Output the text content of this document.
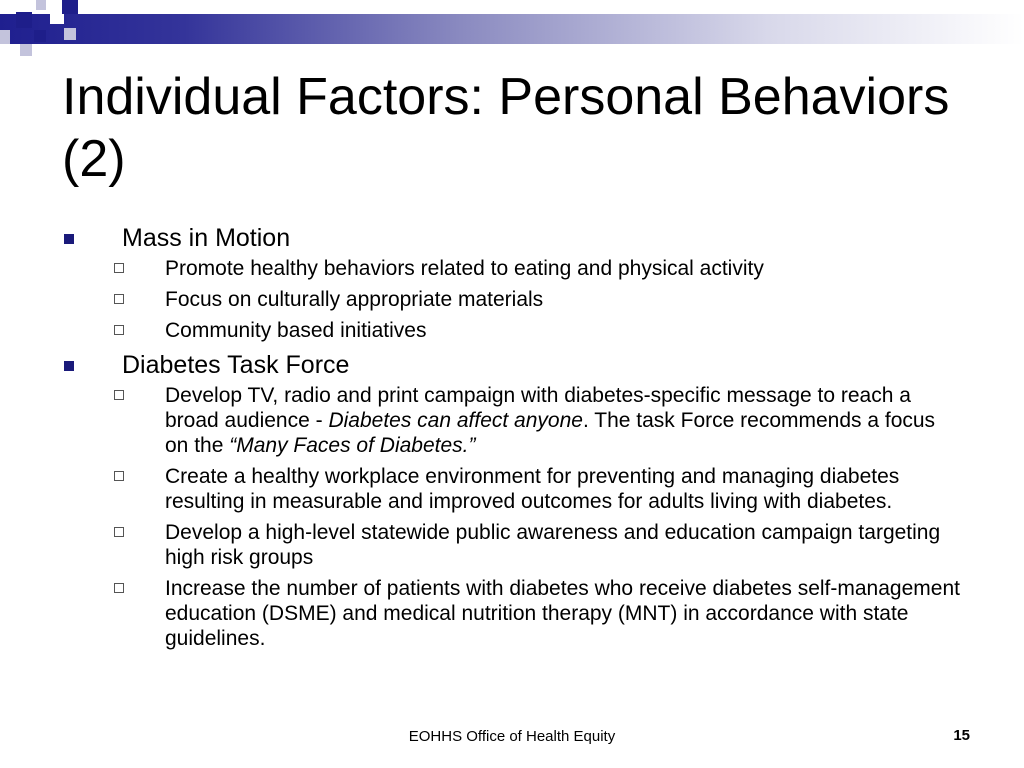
Individual Factors: Personal Behaviors (2)
Mass in Motion
Promote healthy behaviors related to eating and physical activity
Focus on culturally appropriate materials
Community based initiatives
Diabetes Task Force
Develop TV, radio and print campaign with diabetes-specific message to reach a broad audience - Diabetes can affect anyone. The task Force recommends a focus on the “Many Faces of Diabetes.”
Create a healthy workplace environment for preventing and managing diabetes resulting in measurable and improved outcomes for adults living with diabetes.
Develop a high-level statewide public awareness and education campaign targeting high risk groups
Increase the number of patients with diabetes who receive diabetes self-management education (DSME) and medical nutrition therapy (MNT) in accordance with state guidelines.
EOHHS Office of Health Equity	15
